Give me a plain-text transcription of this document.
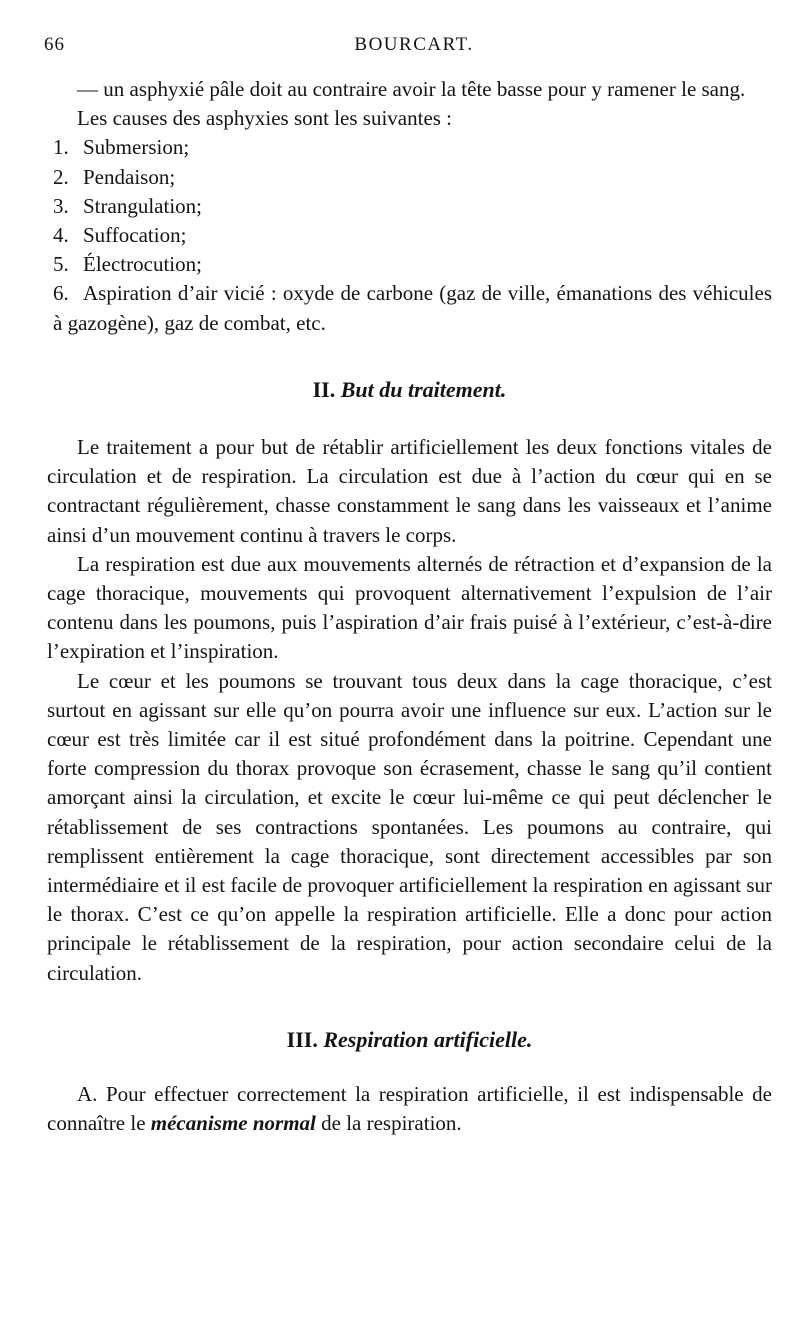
66	BOURCART.

— un asphyxié pâle doit au contraire avoir la tête basse pour y ramener le sang.

Les causes des asphyxies sont les suivantes :

1. Submersion;
2. Pendaison;
3. Strangulation;
4. Suffocation;
5. Électrocution;
6. Aspiration d’air vicié : oxyde de carbone (gaz de ville, émanations des véhicules à gazogène), gaz de combat, etc.
II. But du traitement.

Le traitement a pour but de rétablir artificiellement les deux fonctions vitales de circulation et de respiration. La circulation est due à l’action du cœur qui en se contractant régulièrement, chasse constamment le sang dans les vaisseaux et l’anime ainsi d’un mouvement continu à travers le corps.

La respiration est due aux mouvements alternés de rétraction et d’expansion de la cage thoracique, mouvements qui provoquent alternativement l’expulsion de l’air contenu dans les poumons, puis l’aspiration d’air frais puisé à l’extérieur, c’est-à-dire l’expiration et l’inspiration.

Le cœur et les poumons se trouvant tous deux dans la cage thoracique, c’est surtout en agissant sur elle qu’on pourra avoir une influence sur eux. L’action sur le cœur est très limitée car il est situé profondément dans la poitrine. Cependant une forte compression du thorax provoque son écrasement, chasse le sang qu’il contient amorçant ainsi la circulation, et excite le cœur lui-même ce qui peut déclencher le rétablissement de ses contractions spontanées. Les poumons au contraire, qui remplissent entièrement la cage thoracique, sont directement accessibles par son intermédiaire et il est facile de provoquer artificiellement la respiration en agissant sur le thorax. C’est ce qu’on appelle la respiration artificielle. Elle a donc pour action principale le rétablissement de la respiration, pour action secondaire celui de la circulation.

III. Respiration artificielle.

A. Pour effectuer correctement la respiration artificielle, il est indispensable de connaître le mécanisme normal de la respiration.
